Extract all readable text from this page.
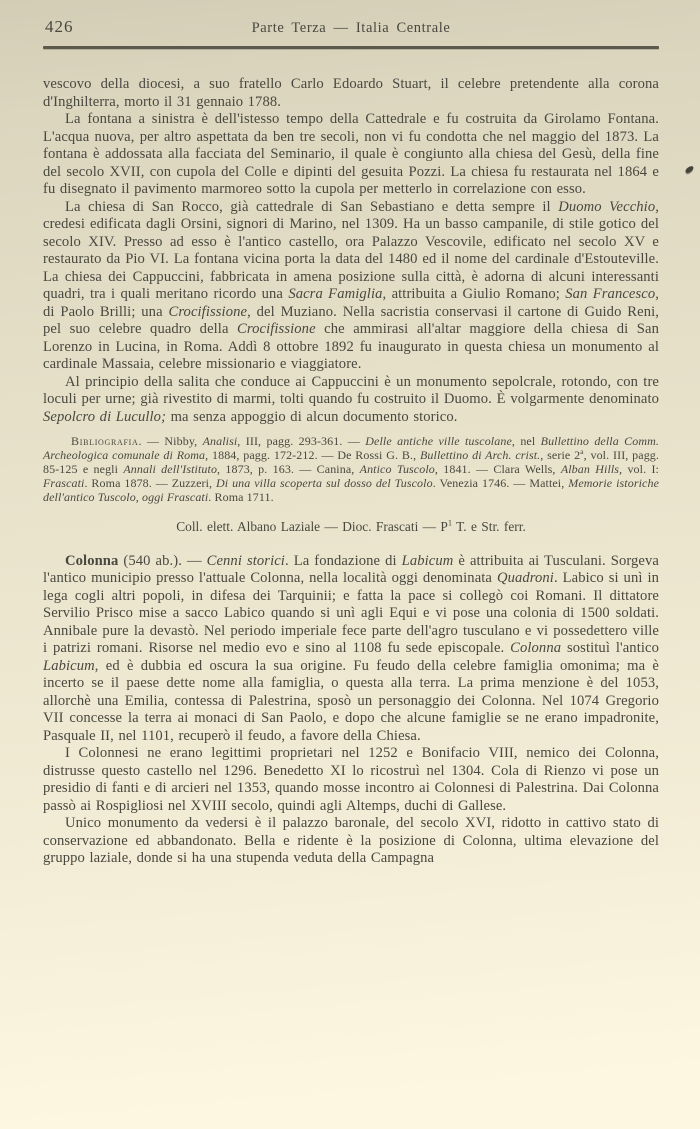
426	Parte Terza — Italia Centrale

vescovo della diocesi, a suo fratello Carlo Edoardo Stuart, il celebre pretendente alla corona d'Inghilterra, morto il 31 gennaio 1788.

La fontana a sinistra è dell'istesso tempo della Cattedrale e fu costruita da Girolamo Fontana. L'acqua nuova, per altro aspettata da ben tre secoli, non vi fu condotta che nel maggio del 1873. La fontana è addossata alla facciata del Seminario, il quale è congiunto alla chiesa del Gesù, della fine del secolo XVII, con cupola del Colle e dipinti del gesuita Pozzi. La chiesa fu restaurata nel 1864 e fu disegnato il pavimento marmoreo sotto la cupola per metterlo in correlazione con esso.

La chiesa di San Rocco, già cattedrale di San Sebastiano e detta sempre il Duomo Vecchio, credesi edificata dagli Orsini, signori di Marino, nel 1309. Ha un basso campanile, di stile gotico del secolo XIV. Presso ad esso è l'antico castello, ora Palazzo Vescovile, edificato nel secolo XV e restaurato da Pio VI. La fontana vicina porta la data del 1480 ed il nome del cardinale d'Estouteville. La chiesa dei Cappuccini, fabbricata in amena posizione sulla città, è adorna di alcuni interessanti quadri, tra i quali meritano ricordo una Sacra Famiglia, attribuita a Giulio Romano; San Francesco, di Paolo Brilli; una Crocifissione, del Muziano. Nella sacristia conservasi il cartone di Guido Reni, pel suo celebre quadro della Crocifissione che ammirasi all'altar maggiore della chiesa di San Lorenzo in Lucina, in Roma. Addì 8 ottobre 1892 fu inaugurato in questa chiesa un monumento al cardinale Massaia, celebre missionario e viaggiatore.

Al principio della salita che conduce ai Cappuccini è un monumento sepolcrale, rotondo, con tre loculi per urne; già rivestito di marmi, tolti quando fu costruito il Duomo. È volgarmente denominato Sepolcro di Lucullo; ma senza appoggio di alcun documento storico.

Bibliografia. — Nibby, Analisi, III, pagg. 293-361. — Delle antiche ville tuscolane, nel Bullettino della Comm. Archeologica comunale di Roma, 1884, pagg. 172-212. — De Rossi G. B., Bullettino di Arch. crist., serie 2$^a$, vol. III, pagg. 85-125 e negli Annali dell'Istituto, 1873, p. 163. — Canina, Antico Tuscolo, 1841. — Clara Wells, Alban Hills, vol. I: Frascati. Roma 1878. — Zuzzeri, Di una villa scoperta sul dosso del Tuscolo. Venezia 1746. — Mattei, Memorie istoriche dell'antico Tuscolo, oggi Frascati. Roma 1711.

Coll. elett. Albano Laziale — Dioc. Frascati — $P^1$ T. e Str. ferr.

Colonna (540 ab.). — Cenni storici. La fondazione di Labicum è attribuita ai Tusculani. Sorgeva l'antico municipio presso l'attuale Colonna, nella località oggi denominata Quadroni. Labico si unì in lega cogli altri popoli, in difesa dei Tarquinii; e fatta la pace si collegò coi Romani. Il dittatore Servilio Prisco mise a sacco Labico quando si unì agli Equi e vi pose una colonia di 1500 soldati. Annibale pure la devastò. Nel periodo imperiale fece parte dell'agro tusculano e vi possedettero ville i patrizi romani. Risorse nel medio evo e sino al 1108 fu sede episcopale. Colonna sostituì l'antico Labicum, ed è dubbia ed oscura la sua origine. Fu feudo della celebre famiglia omonima; ma è incerto se il paese dette nome alla famiglia, o questa alla terra. La prima menzione è del 1053, allorchè una Emilia, contessa di Palestrina, sposò un personaggio dei Colonna. Nel 1074 Gregorio VII concesse la terra ai monaci di San Paolo, e dopo che alcune famiglie se ne erano impadronite, Pasquale II, nel 1101, recuperò il feudo, a favore della Chiesa.

I Colonnesi ne erano legittimi proprietari nel 1252 e Bonifacio VIII, nemico dei Colonna, distrusse questo castello nel 1296. Benedetto XI lo ricostruì nel 1304. Cola di Rienzo vi pose un presidio di fanti e di arcieri nel 1353, quando mosse incontro ai Colonnesi di Palestrina. Dai Colonna passò ai Rospigliosi nel XVIII secolo, quindi agli Altemps, duchi di Gallese.

Unico monumento da vedersi è il palazzo baronale, del secolo XVI, ridotto in cattivo stato di conservazione ed abbandonato. Bella e ridente è la posizione di Colonna, ultima elevazione del gruppo laziale, donde si ha una stupenda veduta della Campagna
